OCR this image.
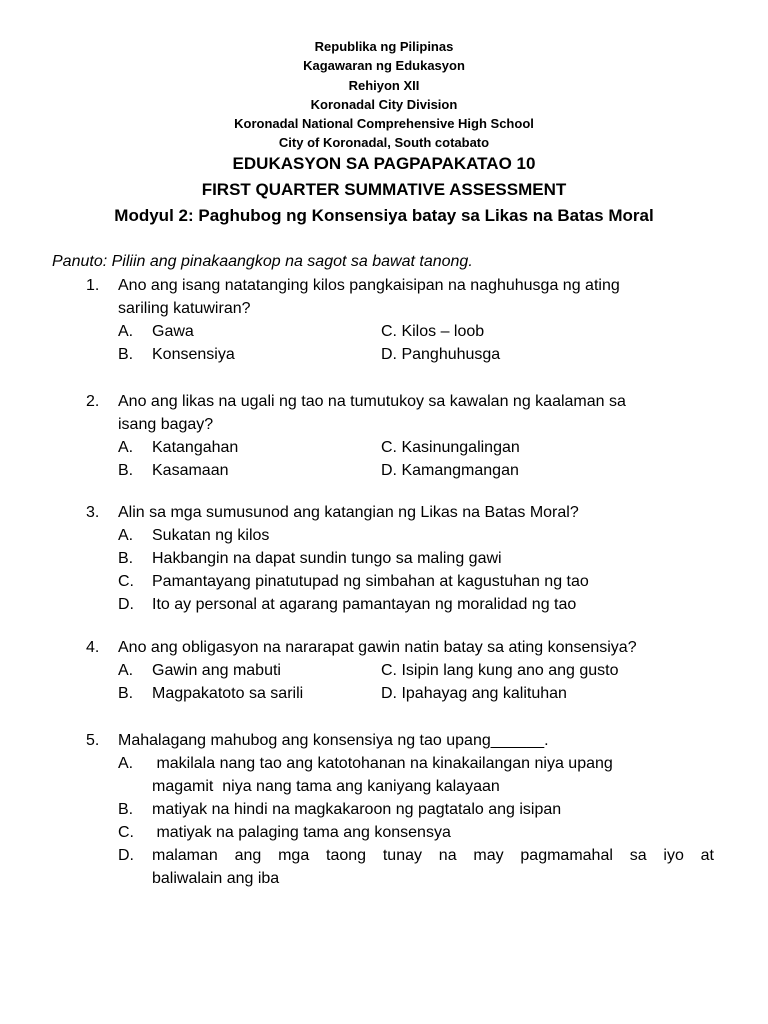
Republika ng Pilipinas
Kagawaran ng Edukasyon
Rehiyon XII
Koronadal City Division
Koronadal National Comprehensive High School
City of Koronadal, South cotabato
EDUKASYON SA PAGPAPAKATAO 10
FIRST QUARTER SUMMATIVE ASSESSMENT
Modyul 2: Paghubog ng Konsensiya batay sa Likas na Batas Moral
Panuto: Piliin ang pinakaangkop na sagot sa bawat tanong.
1. Ano ang isang natatanging kilos pangkaisipan na naghuhusga ng ating
sariling katuwiran?
A. Gawa	C. Kilos – loob
B. Konsensiya	D. Panghuhusga
2. Ano ang likas na ugali ng tao na tumutukoy sa kawalan ng kaalaman sa
isang bagay?
A. Katangahan	C. Kasinungalingan
B. Kasamaan	D. Kamangmangan
3. Alin sa mga sumusunod ang katangian ng Likas na Batas Moral?
A. Sukatan ng kilos
B. Hakbangin na dapat sundin tungo sa maling gawi
C. Pamantayang pinatutupad ng simbahan at kagustuhan ng tao
D. Ito ay personal at agarang pamantayan ng moralidad ng tao
4. Ano ang obligasyon na nararapat gawin natin batay sa ating konsensiya?
A. Gawin ang mabuti	C. Isipin lang kung ano ang gusto
B. Magpakatoto sa sarili	D. Ipahayag ang kalituhan
5. Mahalagang mahubog ang konsensiya ng tao upang______.
A. makilala nang tao ang katotohanan na kinakailangan niya upang
magamit  niya nang tama ang kaniyang kalayaan
B. matiyak na hindi na magkakaroon ng pagtatalo ang isipan
C. matiyak na palaging tama ang konsensya
D. malaman ang mga taong tunay na may pagmamahal sa iyo at
baliwalain ang iba
